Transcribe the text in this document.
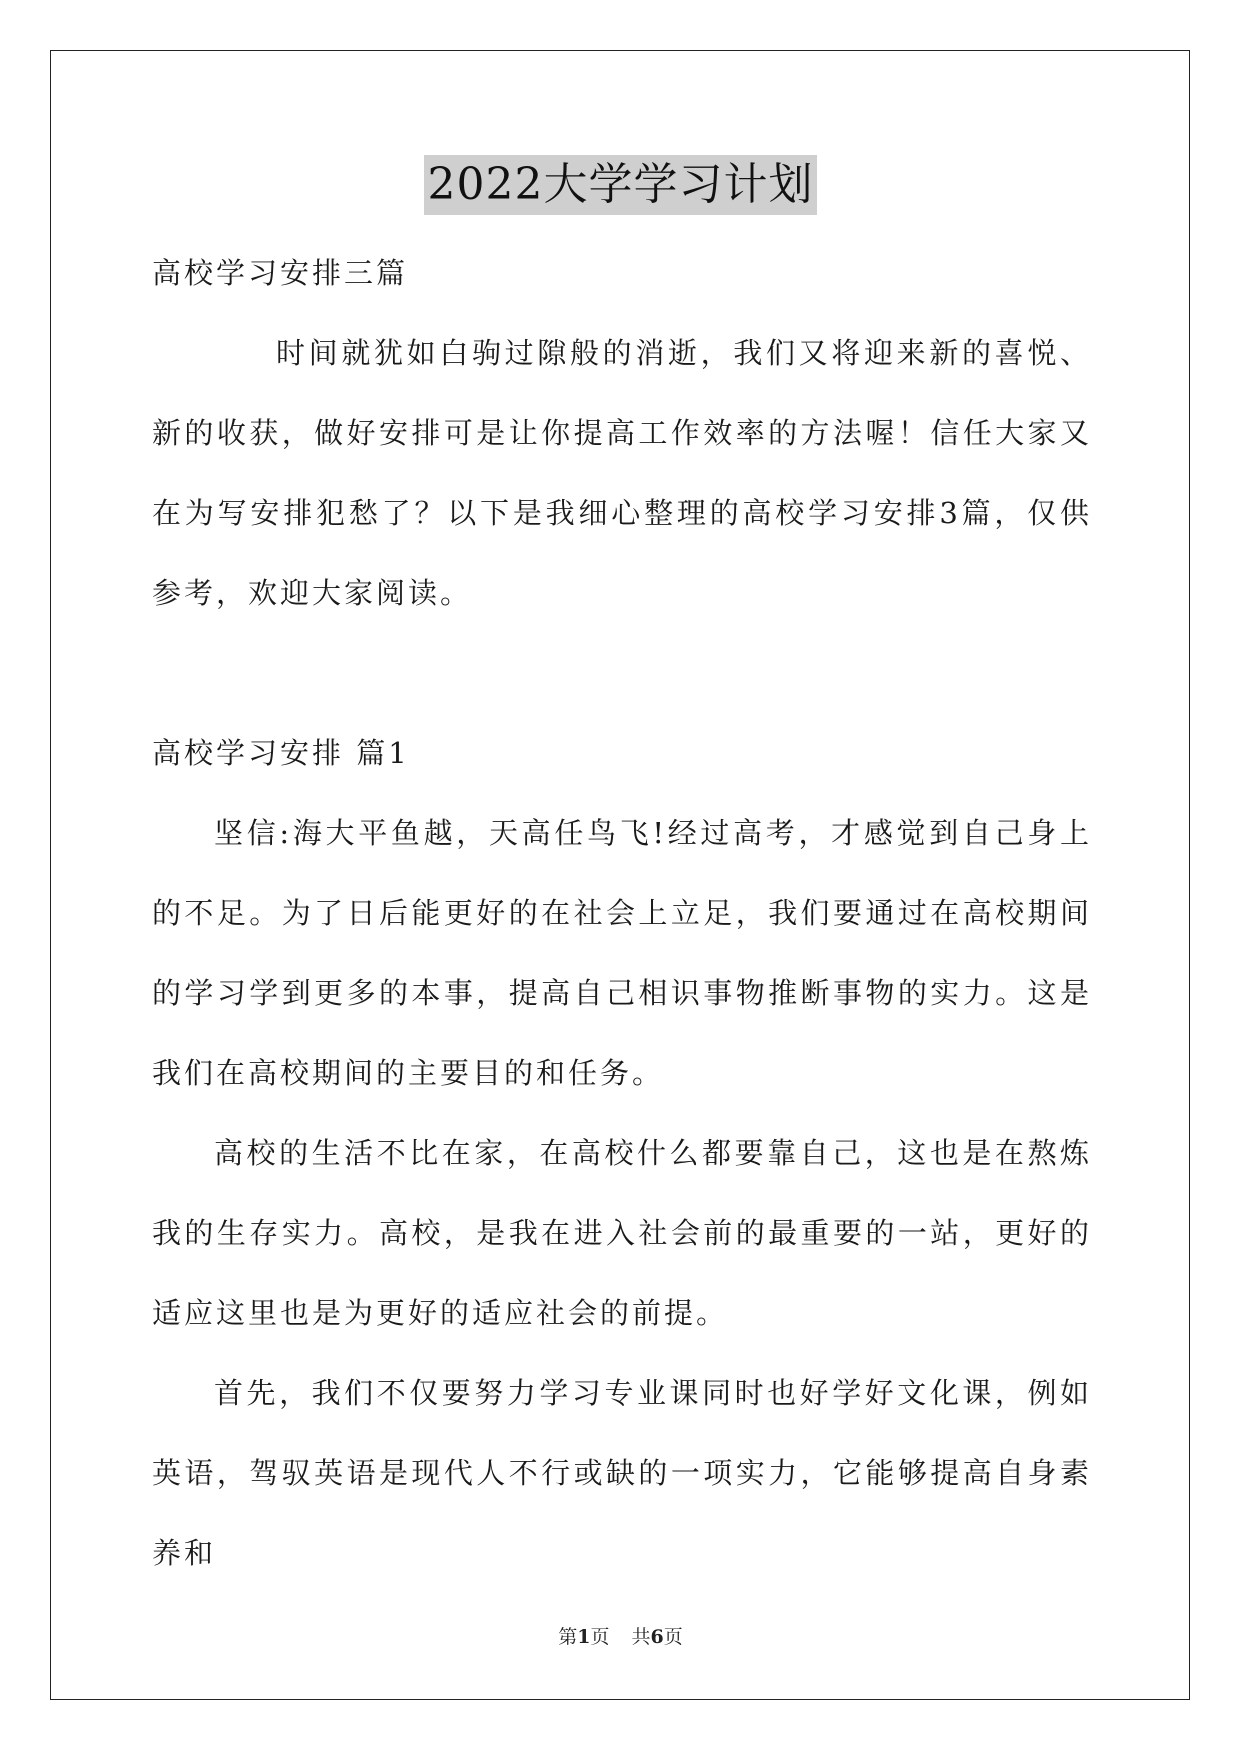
2022大学学习计划

高校学习安排三篇

时间就犹如白驹过隙般的消逝，我们又将迎来新的喜悦、新的收获，做好安排可是让你提高工作效率的方法喔！信任大家又在为写安排犯愁了？以下是我细心整理的高校学习安排3篇，仅供参考，欢迎大家阅读。

高校学习安排 篇1

坚信:海大平鱼越，天高任鸟飞!经过高考，才感觉到自己身上的不足。为了日后能更好的在社会上立足，我们要通过在高校期间的学习学到更多的本事，提高自己相识事物推断事物的实力。这是我们在高校期间的主要目的和任务。

高校的生活不比在家，在高校什么都要靠自己，这也是在熬炼我的生存实力。高校，是我在进入社会前的最重要的一站，更好的适应这里也是为更好的适应社会的前提。

首先，我们不仅要努力学习专业课同时也好学好文化课，例如英语，驾驭英语是现代人不行或缺的一项实力，它能够提高自身素养和

第1页 共6页
